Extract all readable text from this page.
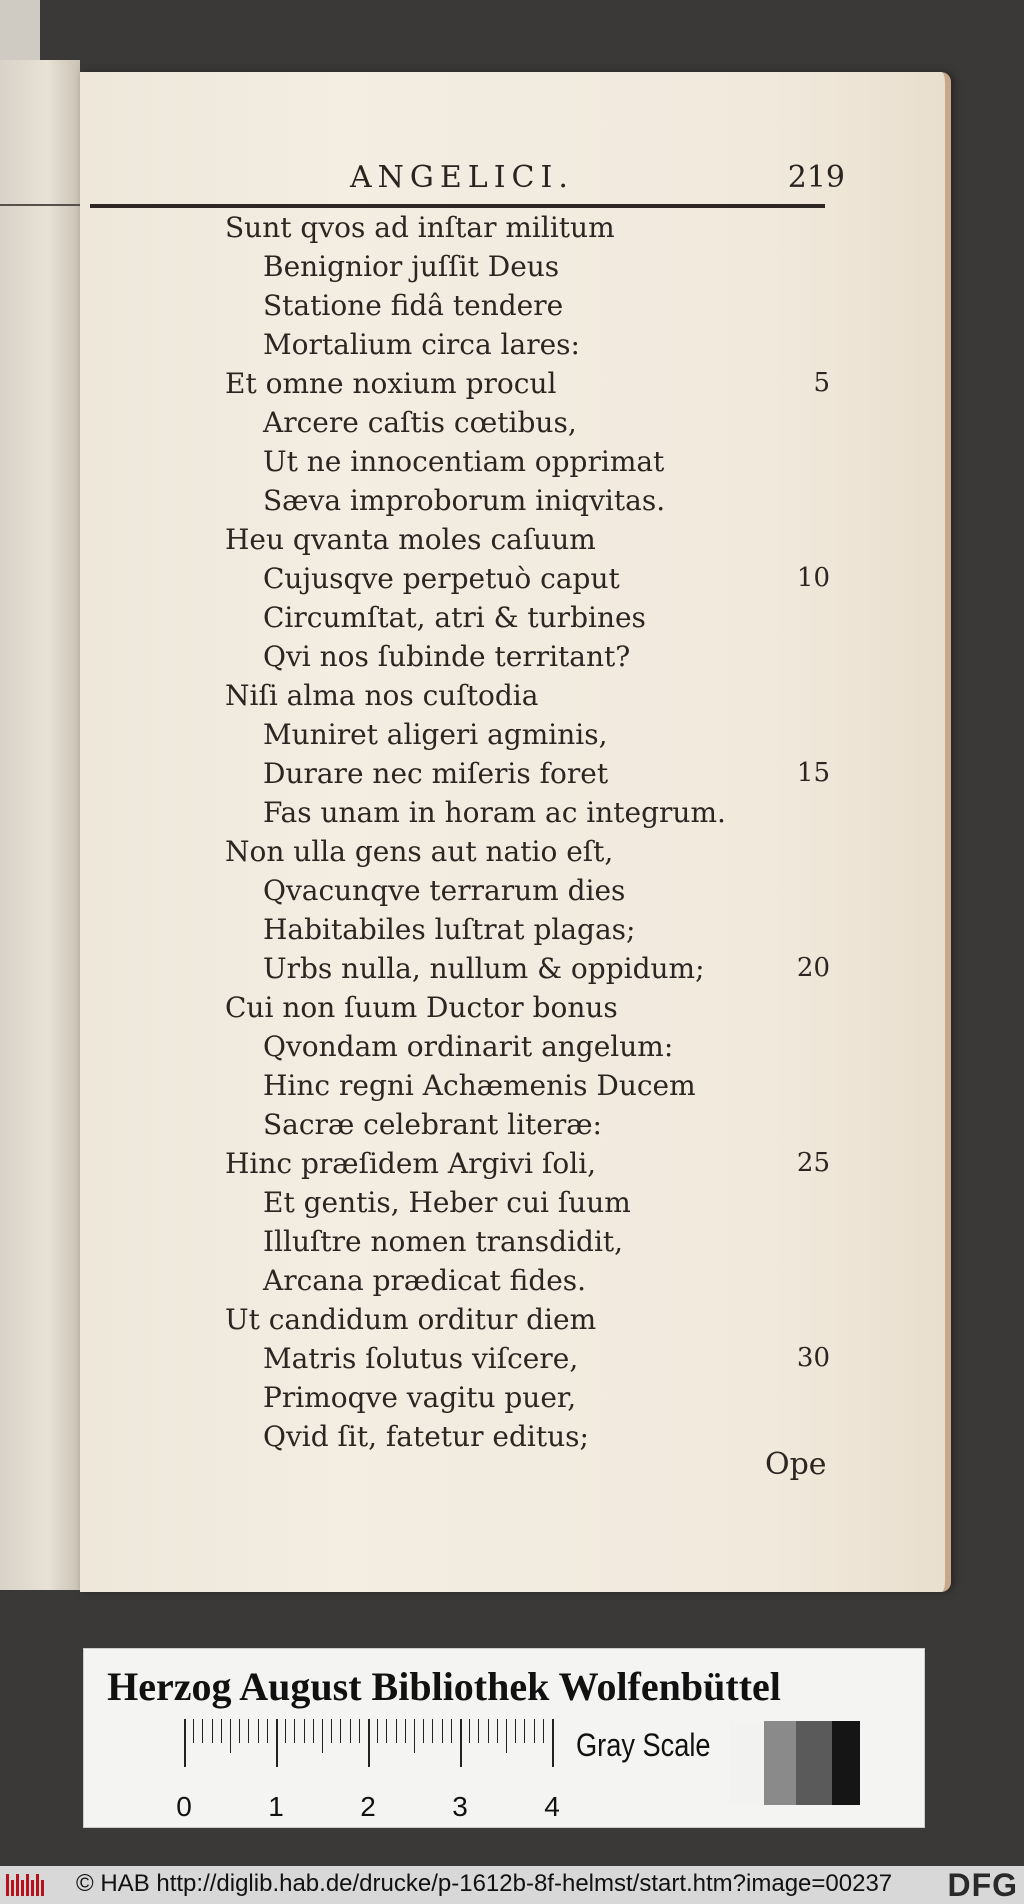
ANGELICI.	219
Sunt qvos ad inſtar militum
Benignior juſſit Deus
Statione fidâ tendere
Mortalium circa lares:
Et omne noxium procul
Arcere caſtis cœtibus,
Ut ne innocentiam opprimat
Sæva improborum iniqvitas.
Heu qvanta moles caſuum
Cujusqve perpetuò caput
Circumſtat, atri & turbines
Qvi nos ſubinde territant?
Niſi alma nos cuſtodia
Muniret aligeri agminis,
Durare nec miſeris foret
Fas unam in horam ac integrum.
Non ulla gens aut natio eſt,
Qvacunqve terrarum dies
Habitabiles luſtrat plagas;
Urbs nulla, nullum & oppidum;
Cui non ſuum Ductor bonus
Qvondam ordinarit angelum:
Hinc regni Achæmenis Ducem
Sacræ celebrant literæ:
Hinc præſidem Argivi ſoli,
Et gentis, Heber cui ſuum
Illuſtre nomen transdidit,
Arcana prædicat fides.
Ut candidum orditur diem
Matris ſolutus viſcere,
Primoqve vagitu puer,
Qvid ſit, fatetur editus;
5
10
15
20
25
30
Ope
Herzog August Bibliothek Wolfenbüttel
0	1	2	3	4
Gray Scale
© HAB http://diglib.hab.de/drucke/p-1612b-8f-helmst/start.htm?image=00237 DFG
